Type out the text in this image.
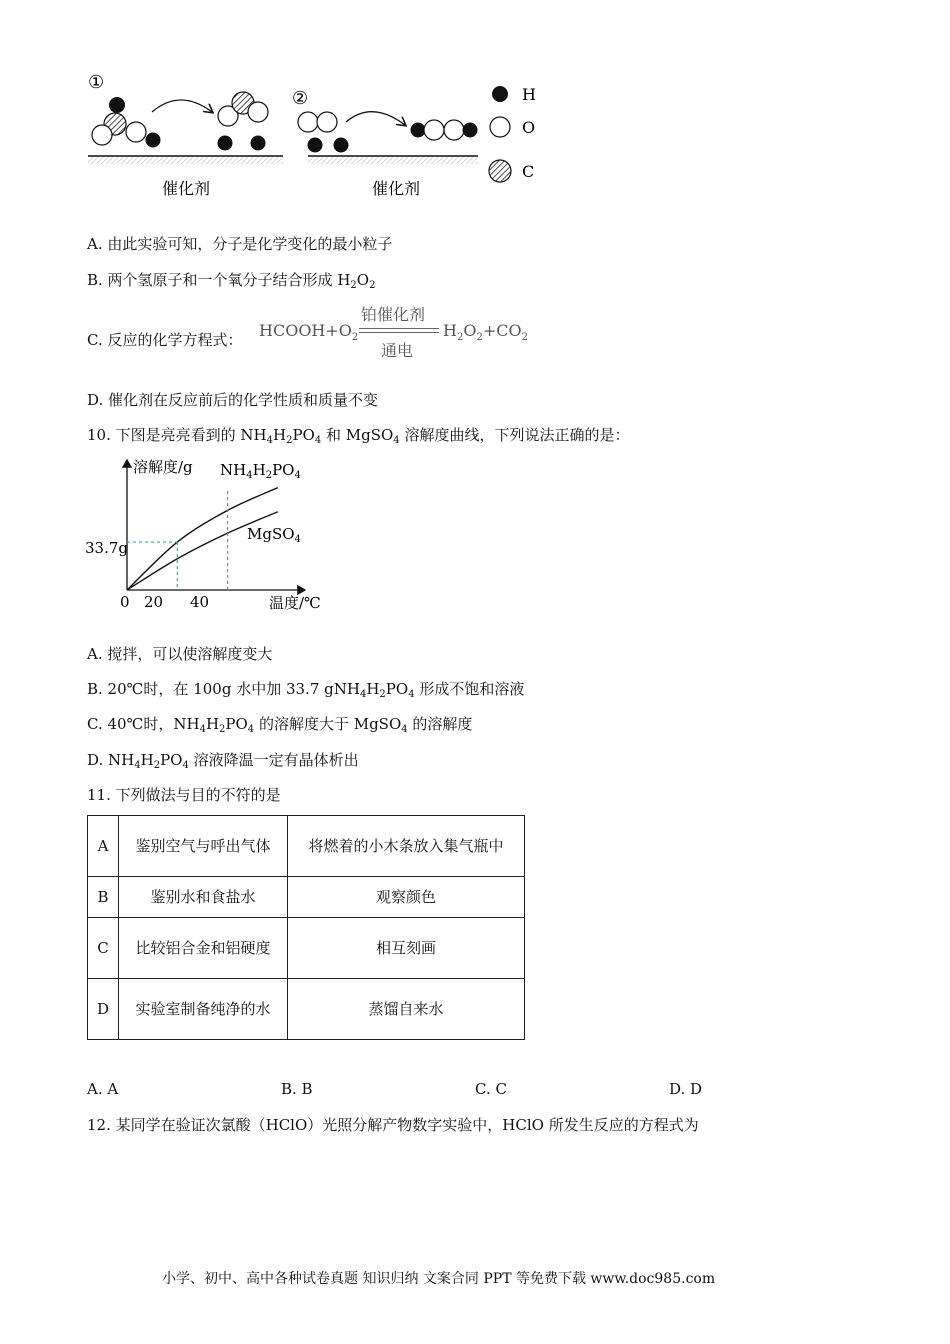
①
催化剂
②
催化剂
H
O
C
A. 由此实验可知，分子是化学变化的最小粒子
B. 两个氢原子和一个氧分子结合形成 $H_2O_2$
C. 反应的化学方程式： $HCOOH+O_2$
铂催化剂
通电
$H_2O_2+CO_2$
D. 催化剂在反应前后的化学性质和质量不变
10. 下图是亮亮看到的 $NH_4H_2PO_4$ 和 MgSO$_4$ 溶解度曲线，下列说法正确的是：
溶解度/g
温度/℃
0 20 40
33.7g
$NH_4H_2PO_4$
MgSO$_4$
A. 搅拌，可以使溶解度变大
B. 20℃时，在 100g 水中加 33.7 $gNH_4H_2PO_4$ 形成不饱和溶液
C. 40℃时，$NH_4H_2PO_4$ 的溶解度大于 MgSO$_4$ 的溶解度
D. $NH_4H_2PO_4$ 溶液降温一定有晶体析出
11. 下列做法与目的不符的是
A	鉴别空气与呼出气体	将燃着的小木条放入集气瓶中
B	鉴别水和食盐水	观察颜色
C	比较铝合金和铝硬度	相互刻画
D	实验室制备纯净的水	蒸馏自来水
A. A	B. B	C. C	D. D
12. 某同学在验证次氯酸（HClO）光照分解产物数字实验中，HClO 所发生反应的方程式为
小学、初中、高中各种试卷真题 知识归纳 文案合同 PPT 等免费下载 www.doc985.com
